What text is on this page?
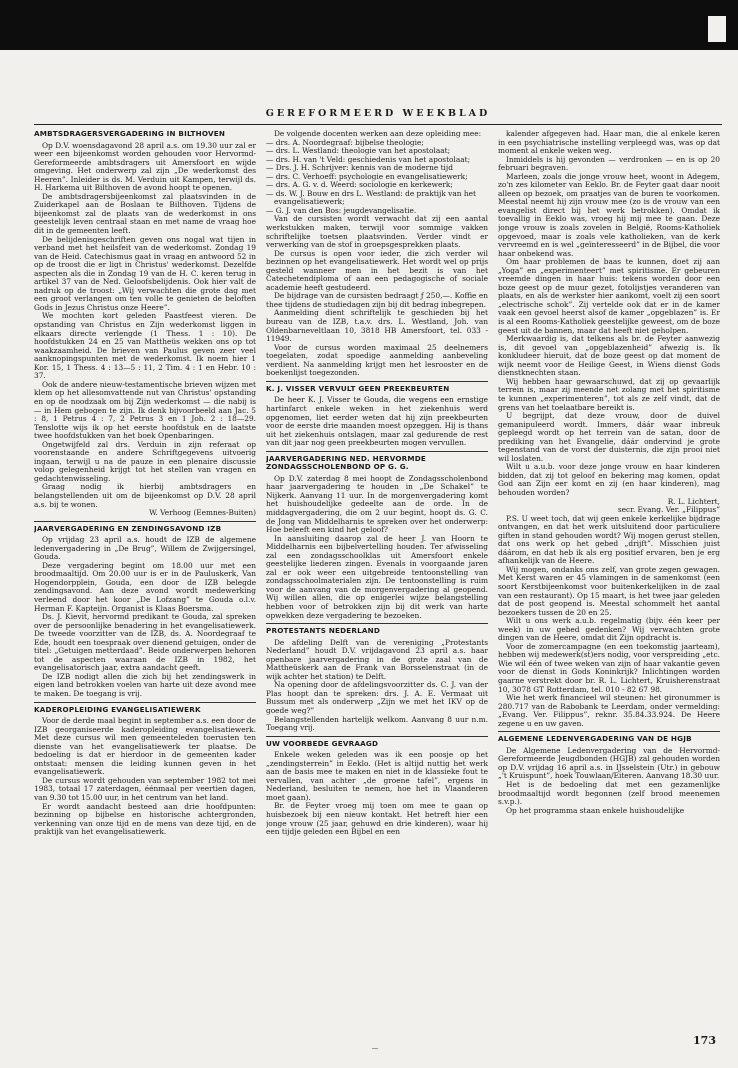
GEREFORMEERD WEEKBLAD
AMBTSDRAGERSVERGADERING IN BILTHOVEN

Op D.V. woensdagavond 28 april a.s. om 19.30 uur zal er weer een bijeenkomst worden gehouden voor Hervormd-Gereformeerde ambtsdragers uit Amersfoort en wijde omgeving. Het onderwerp zal zijn „De wederkomst des Heeren”. Inleider is ds. M. Verduin uit Kampen, terwijl ds. H. Harkema uit Bilthoven de avond hoopt te openen.

De ambtsdragersbijeenkomst zal plaatsvinden in de Zuiderkapel aan de Boslaan te Bilthoven. Tijdens de bijeenkomst zal de plaats van de wederkomst in ons geestelijk leven centraal staan en met name de vraag hoe dit in de gemeenten leeft.

De belijdenisgeschriften geven ons nogal wat tijen in verband met het heilsfeit van de wederkomst. Zondag 19 van de Heid. Catechismus gaat in vraag en antwoord 52 in op de troost die er ligt in Christus' wederkomst. Dezelfde aspecten als die in Zondag 19 van de H. C. keren terug in artikel 37 van de Ned. Geloofsbelijdenis. Ook hier valt de nadruk op de troost: „Wij verwachten die grote dag met een groot verlangen om ten volle te genieten de beloften Gods in Jezus Christus onze Heere”.

We mochten kort geleden Paastfeest vieren. De opstanding van Christus en Zijn wederkomst liggen in elkaars directe verlengde (1 Thess. 1 : 10). De hoofdstukken 24 en 25 van Mattheüs wekken ons op tot waakzaamheid. De brieven van Paulus geven zeer veel aanknopingspunten met de wederkomst. Ik noem hier 1 Kor. 15, 1 Thess. 4 : 13—5 : 11, 2 Tim. 4 : 1 en Hebr. 10 : 37.

Ook de andere nieuw-testamentische brieven wijzen met klem op het allesomvattende nut van Christus' opstanding en op de noodzaak om bij Zijn wederkomst — die nabij is — in Hem gebogen te zijn. Ik denk bijvoorbeeld aan Jac. 5 : 8, 1 Petrus 4 : 7, 2 Petrus 3 en 1 Joh. 2 : 18—29. Tenslotte wijs ik op het eerste hoofdstuk en de laatste twee hoofdstukken van het boek Openbaringen.

Ongetwijfeld zal drs. Verduin in zijn referaat op voorenstaande en andere Schriftgegevens uitvoerig ingaan, terwijl u na de pauze in een plenaire discussie volop gelegenheid krijgt tot het stellen van vragen en gedachtenwisseling.

Graag nodig ik hierbij ambtsdragers en belangstellenden uit om de bijeenkomst op D.V. 28 april a.s. bij te wonen.

W. Verhoog (Eemnes-Buiten)

JAARVERGADERING EN ZENDINGSAVOND IZB

Op vrijdag 23 april a.s. houdt de IZB de algemene ledenvergadering in „De Brug”, Willem de Zwijgersingel, Gouda.

Deze vergadering begint om 18.00 uur met een broodmaaltijd. Om 20.00 uur is er in de Pauluskerk, Van Hogendorpplein, Gouda, een door de IZB belegde zendingsavond. Aan deze avond wordt medewerking verleend door het koor „De Lofzang” te Gouda o.l.v. Herman F. Kapteijn. Organist is Klaas Boersma.

Ds. J. Kievit, hervormd predikant te Gouda, zal spreken over de persoonlijke benadering in het evangelisatiewerk. De tweede voorzitter van de IZB, ds. A. Noordegraaf te Ede, houdt een toespraak over dienend getuigen, onder de titel: „Getuigen metterdaad”. Beide onderwerpen behoren tot de aspecten waaraan de IZB in 1982, het evangelisatorisch jaar, extra aandacht geeft.

De IZB nodigt allen die zich bij het zendingswerk in eigen land betrokken voelen van harte uit deze avond mee te maken. De toegang is vrij.

KADEROPLEIDING EVANGELISATIEWERK

Voor de derde maal begint in september a.s. een door de IZB georganiseerde kaderopleiding evangelisatiewerk. Met deze cursus wil men gemeenteleden toerusten ten dienste van het evangelisatiewerk ter plaatse. De bedoeling is dat er hierdoor in de gemeenten kader ontstaat: mensen die leiding kunnen geven in het evangelisatiewerk.

De cursus wordt gehouden van september 1982 tot mei 1983, totaal 17 zaterdagen, éénmaal per veertien dagen, van 9.30 tot 15.00 uur, in het centrum van het land.

Er wordt aandacht besteed aan drie hoofdpunten: bezinning op bijbelse en historische achtergronden, verkenning van onze tijd en de mens van deze tijd, en de praktijk van het evangelisatiewerk.

De volgende docenten werken aan deze opleiding mee:

— drs. A. Noordegraaf: bijbelse theologie;
— drs. L. Westland: theologie van het apostolaat;
— drs. H. van 't Veld: geschiedenis van het apostolaat;
— Drs. J. H. Schrijver: kennis van de moderne tijd
— drs. C. Verhoeff: psychologie en evangelisatiewerk;
— drs. A. G. v. d. Weerd: sociologie en kerkewerk;
— ds. W. J. Bouw en drs L. Westland: de praktijk van het evangelisatiewerk;
— G. J. van den Bos: jeugdevangelisatie.

Van de cursisten wordt verwacht dat zij een aantal werkstukken maken, terwijl voor sommige vakken schriftelijke toetsen plaatsvinden. Verder vindt er verwerking van de stof in groepsgesprekken plaats.

De cursus is open voor ieder, die zich verder wil bezinnen op het evangelisatiewerk. Het wordt wel op prijs gesteld wanneer men in het bezit is van het Catechetendiploma of aan een pedagogische of sociale academie heeft gestudeerd.

De bijdrage van de cursisten bedraagt ƒ 250,—. Koffie en thee tijdens de studiedagen zijn bij dit bedrag inbegrepen.

Aanmelding dient schriftelijk te geschieden bij het bureau van de IZB, t.a.v. drs. L. Westland, Joh. van Oldenbarneveltlaan 10, 3818 HB Amersfoort, tel. 033 - 11949.

Voor de cursus worden maximaal 25 deelnemers toegelaten, zodat spoedige aanmelding aanbeveling verdient. Na aanmelding krijgt men het lesrooster en de boekenlijst toegezonden.

K. J. VISSER VERVULT GEEN PREEKBEURTEN

De heer K. J. Visser te Gouda, die wegens een ernstige hartinfarct enkele weken in het ziekenhuis werd opgenomen, liet eerder weten dat hij zijn preekbeurten voor de eerste drie maanden moest opzeggen. Hij is thans uit het ziekenhuis ontslagen, maar zal gedurende de rest van dit jaar nog geen preekbeurten mogen vervullen.

JAARVERGADERING NED. HERVORMDE ZONDAGSSCHOLENBOND OP G. G.

Op D.V. zaterdag 8 mei hoopt de Zondagsscholenbond haar jaarvergadering te houden in „De Schakel” te Nijkerk. Aanvang 11 uur. In de morgenvergadering komt het huishoudelijke gedeelte aan de orde. In de middagvergadering, die om 2 uur begint, hoopt ds. G. C. de Jong van Middelharnis te spreken over het onderwerp: Hoe beleeft een kind het geloof?

In aansluiting daarop zal de heer J. van Hoorn te Middelharnis een bijbelvertelling houden. Ter afwisseling zal een zondagsschoolklas uit Amersfoort enkele geestelijke liederen zingen. Evenals in voorgaande jaren zal er ook weer een uitgebreide tentoonstelling van zondagsschoolmaterialen zijn. De tentoonstelling is ruim voor de aanvang van de morgenvergadering al geopend. Wij willen allen, die op enigerlei wijze belangstelling hebben voor of betrokken zijn bij dit werk van harte opwekken deze vergadering te bezoeken.

PROTESTANTS NEDERLAND

De afdeling Delft van de vereniging „Protestants Nederland” houdt D.V. vrijdagavond 23 april a.s. haar openbare jaarvergadering in de grote zaal van de Mattheüskerk aan de Frank van Borsselenstraat (in de wijk achter het station) te Delft.

Na opening door de afdelingsvoorzitter ds. C. J. van der Plas hoopt dan te spreken: drs. J. A. E. Vermaat uit Bussum met als onderwerp „Zijn we met het IKV op de goede weg?”

Belangstellenden hartelijk welkom. Aanvang 8 uur n.m. Toegang vrij.

UW VOORBEDE GEVRAAGD

Enkele weken geleden was ik een poosje op het „zendingsterrein” in Eeklo. (Het is altijd nuttig het werk aan de basis mee te maken en niet in de klassieke fout te vervallen, van achter „de groene tafel”, ergens in Nederland, besluiten te nemen, hoe het in Vlaanderen moet gaan).

Br. de Feyter vroeg mij toen om mee te gaan op huisbezoek bij een nieuw kontakt. Het betreft hier een jonge vrouw (25 jaar, gehuwd en drie kinderen), waar hij een tijdje geleden een Bijbel en een

kalender afgegeven had. Haar man, die al enkele keren in een psychiatrische instelling verpleegd was, was op dat moment al enkele weken weg.

Inmiddels is hij gevonden — verdronken — en is op 20 februari begraven.

Marleen, zoals die jonge vrouw heet, woont in Adegem, zo'n zes kilometer van Eeklo. Br. de Feyter gaat daar nooit alleen op bezoek, om praatjes van de buren te voorkomen. Meestal neemt hij zijn vrouw mee (zo is de vrouw van een evangelist direct bij het werk betrokken). Omdat ik toevallig in Eeklo was, vroeg hij mij mee te gaan. Deze jonge vrouw is zoals zovelen in België, Rooms-Katholiek opgevoed, maar is zoals vele katholieken, van de kerk vervreemd en is wel „geïnteresseerd” in de Bijbel, die voor haar onbekend was.

Om haar problemen de baas te kunnen, doet zij aan „Yoga” en „experimenteert” met spiritisme. Er gebeuren vreemde dingen in haar huis: tekens worden door een boze geest op de muur gezet, fotolijstjes veranderen van plaats, en als de werkster hier aankomt, voelt zij een soort „electrische schok”. Zij vertelde ook dat er in de kamer vaak een gevoel heerst alsof de kamer „opgeblazen” is. Er is al een Rooms-Katholiek geestelijke geweest, om de boze geest uit de bannen, maar dat heeft niet geholpen.

Merkwaardig is, dat telkens als br. de Feyter aanwezig is, dit gevoel van „opgeblazenheid” afwezig is. Ik konkludeer hieruit, dat de boze geest op dat moment de wijk neemt voor de Heilige Geest, in Wiens dienst Gods dienstknechten staan.

Wij hebben haar gewaarschuwd, dat zij op gevaarlijk terrein is, maar zij meende net zolang met het spiritisme te kunnen „experimenteren”, tot als ze zelf vindt, dat de grens van het toelaatbare bereikt is.

U begrijpt, dat deze vrouw, door de duivel gemanipuleerd wordt. Immers, dáár waar inbreuk gepleegd wordt op het terrein van de satan, door de prediking van het Evangelie, dáár ondervind je grote tegenstand van de vorst der duisternis, die zijn prooi niet wil loslaten.

Wilt u a.u.b. voor deze jonge vrouw en haar kinderen bidden, dat zij tot geloof en bekering mag komen, opdat God aan Zijn eer komt en zij (en haar kinderen), mag behouden worden?

R. L. Lichtert,

secr. Evang. Ver. „Filippus”

P.S. U weet toch, dat wij geen enkele kerkelijke bijdrage ontvangen, en dat het werk uitsluitend door particuliere giften in stand gehouden wordt? Wij mogen gerust stellen, dat ons werk op het gebed „drijft”. Misschien juist dáárom, en dat heb ik als erg positief ervaren, ben je erg afhankelijk van de Heere.

Wij mogen, ondanks ons zelf, van grote zegen gewagen. Met Kerst waren er 45 vlamingen in de samenkomst (een soort Kerstbijeenkomst voor buitenkerkelijken in de zaal van een restaurant). Op 15 maart, is het twee jaar geleden dat de post geopend is. Meestal schommelt het aantal bezoekers tussen de 20 en 25.

Wilt u ons werk a.u.b. regelmatig (bijv. één keer per week) in uw gebed gedenken? Wij verwachten grote dingen van de Heere, omdat dit Zijn opdracht is.

Voor de zomercampagne (en een toekomstig jaarteam), hebben wij medewerk(st)ers nodig, voor verspreiding „etc. Wie wil één of twee weken van zijn of haar vakantie geven voor de dienst in Gods Koninkrijk? Inlichtingen worden gaarne verstrekt door br. R. L. Lichtert, Kruisherenstraat 10, 3078 GT Rotterdam, tel. 010 - 82 67 98.

Wie het werk financieel wil steunen: het gironummer is 280.717 van de Rabobank te Leerdam, onder vermelding: „Evang. Ver. Filippus”, reknr. 35.84.33.924. De Heere zegene u en uw gaven.

ALGEMENE LEDENVERGADERING VAN DE HGJB

De Algemene Ledenvergadering van de Hervormd-Gereformeerde Jeugdbonden (HGJB) zal gehouden worden op D.V. vrijdag 16 april a.s. in IJsselstein (Utr.) in gebouw „'t Kruispunt”, hoek Touwlaan/Eiteren. Aanvang 18.30 uur.

Het is de bedoeling dat met een gezamenlijke broodmaaltijd wordt begonnen (zelf brood meenemen s.v.p.).

Op het programma staan enkele huishoudelijke

173
